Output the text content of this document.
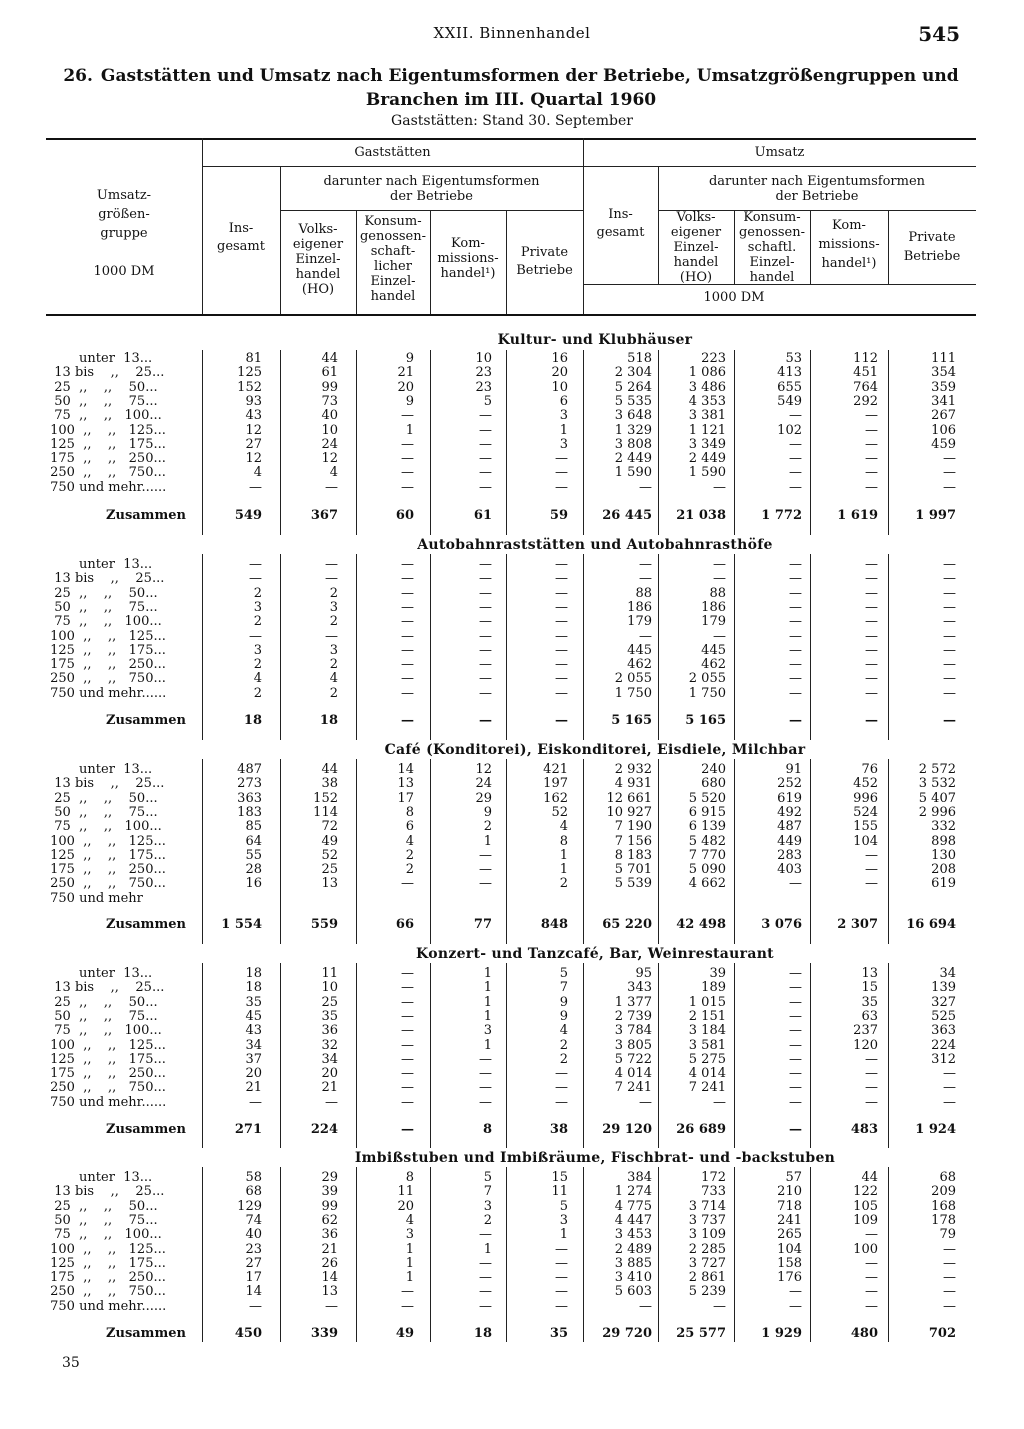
XXII. Binnenhandel	545
26. Gaststätten und Umsatz nach Eigentumsformen der Betriebe, Umsatzgrößengruppen und Branchen im III. Quartal 1960
Gaststätten: Stand 30. September
Umsatz-
größen-
gruppe

1000 DM
Gaststätten	Umsatz
darunter nach Eigentumsformen
der Betriebe
darunter nach Eigentumsformen
der Betriebe
Ins-
gesamt
Volks-
eigener
Einzel-
handel
(HO)
Konsum-
genossen-
schaft-
licher
Einzel-
handel
Kom-
missions-
handel¹)
Private
Betriebe
Ins-
gesamt
Volks-
eigener
Einzel-
handel
(HO)
Konsum-
genossen-
schaftl.
Einzel-
handel
Kom-
missions-
handel¹)
Private
Betriebe
1000 DM
Kultur- und Klubhäuser
unter  13...	81	44	9	10	16	518	223	53	112	111
13 bis    ,,    25...	125	61	21	23	20	2 304	1 086	413	451	354
25  ,,    ,,    50...	152	99	20	23	10	5 264	3 486	655	764	359
50  ,,    ,,    75...	93	73	9	5	6	5 535	4 353	549	292	341
75  ,,    ,,   100...	43	40	—	—	3	3 648	3 381	—	—	267
100  ,,    ,,   125...	12	10	1	—	1	1 329	1 121	102	—	106
125  ,,    ,,   175...	27	24	—	—	3	3 808	3 349	—	—	459
175  ,,    ,,   250...	12	12	—	—	—	2 449	2 449	—	—	—
250  ,,    ,,   750...	4	4	—	—	—	1 590	1 590	—	—	—
750 und mehr......	—	—	—	—	—	—	—	—	—	—
Zusammen	549	367	60	61	59	26 445	21 038	1 772	1 619	1 997
Autobahnraststätten und Autobahnrasthöfe
unter  13...	—	—	—	—	—	—	—	—	—	—
13 bis    ,,    25...	—	—	—	—	—	—	—	—	—	—
25  ,,    ,,    50...	2	2	—	—	—	88	88	—	—	—
50  ,,    ,,    75...	3	3	—	—	—	186	186	—	—	—
75  ,,    ,,   100...	2	2	—	—	—	179	179	—	—	—
100  ,,    ,,   125...	—	—	—	—	—	—	—	—	—	—
125  ,,    ,,   175...	3	3	—	—	—	445	445	—	—	—
175  ,,    ,,   250...	2	2	—	—	—	462	462	—	—	—
250  ,,    ,,   750...	4	4	—	—	—	2 055	2 055	—	—	—
750 und mehr......	2	2	—	—	—	1 750	1 750	—	—	—
Zusammen	18	18	—	—	—	5 165	5 165	—	—	—
Café (Konditorei), Eiskonditorei, Eisdiele, Milchbar
unter  13...	487	44	14	12	421	2 932	240	91	76	2 572
13 bis    ,,    25...	273	38	13	24	197	4 931	680	252	452	3 532
25  ,,    ,,    50...	363	152	17	29	162	12 661	5 520	619	996	5 407
50  ,,    ,,    75...	183	114	8	9	52	10 927	6 915	492	524	2 996
75  ,,    ,,   100...	85	72	6	2	4	7 190	6 139	487	155	332
100  ,,    ,,   125...	64	49	4	1	8	7 156	5 482	449	104	898
125  ,,    ,,   175...	55	52	2	—	1	8 183	7 770	283	—	130
175  ,,    ,,   250...	28	25	2	—	1	5 701	5 090	403	—	208
250  ,,    ,,   750...	16	13	—	—	2	5 539	4 662	—	—	619
750 und mehr
Zusammen	1 554	559	66	77	848	65 220	42 498	3 076	2 307	16 694
Konzert- und Tanzcafé, Bar, Weinrestaurant
unter  13...	18	11	—	1	5	95	39	—	13	34
13 bis    ,,    25...	18	10	—	1	7	343	189	—	15	139
25  ,,    ,,    50...	35	25	—	1	9	1 377	1 015	—	35	327
50  ,,    ,,    75...	45	35	—	1	9	2 739	2 151	—	63	525
75  ,,    ,,   100...	43	36	—	3	4	3 784	3 184	—	237	363
100  ,,    ,,   125...	34	32	—	1	2	3 805	3 581	—	120	224
125  ,,    ,,   175...	37	34	—	—	2	5 722	5 275	—	—	312
175  ,,    ,,   250...	20	20	—	—	—	4 014	4 014	—	—	—
250  ,,    ,,   750...	21	21	—	—	—	7 241	7 241	—	—	—
750 und mehr......	—	—	—	—	—	—	—	—	—	—
Zusammen	271	224	—	8	38	29 120	26 689	—	483	1 924
Imbißstuben und Imbißräume, Fischbrat- und -backstuben
unter  13...	58	29	8	5	15	384	172	57	44	68
13 bis    ,,    25...	68	39	11	7	11	1 274	733	210	122	209
25  ,,    ,,    50...	129	99	20	3	5	4 775	3 714	718	105	168
50  ,,    ,,    75...	74	62	4	2	3	4 447	3 737	241	109	178
75  ,,    ,,   100...	40	36	3	—	1	3 453	3 109	265	—	79
100  ,,    ,,   125...	23	21	1	1	—	2 489	2 285	104	100	—
125  ,,    ,,   175...	27	26	1	—	—	3 885	3 727	158	—	—
175  ,,    ,,   250...	17	14	1	—	—	3 410	2 861	176	—	—
250  ,,    ,,   750...	14	13	—	—	—	5 603	5 239	—	—	—
750 und mehr......	—	—	—	—	—	—	—	—	—	—
Zusammen	450	339	49	18	35	29 720	25 577	1 929	480	702
35
